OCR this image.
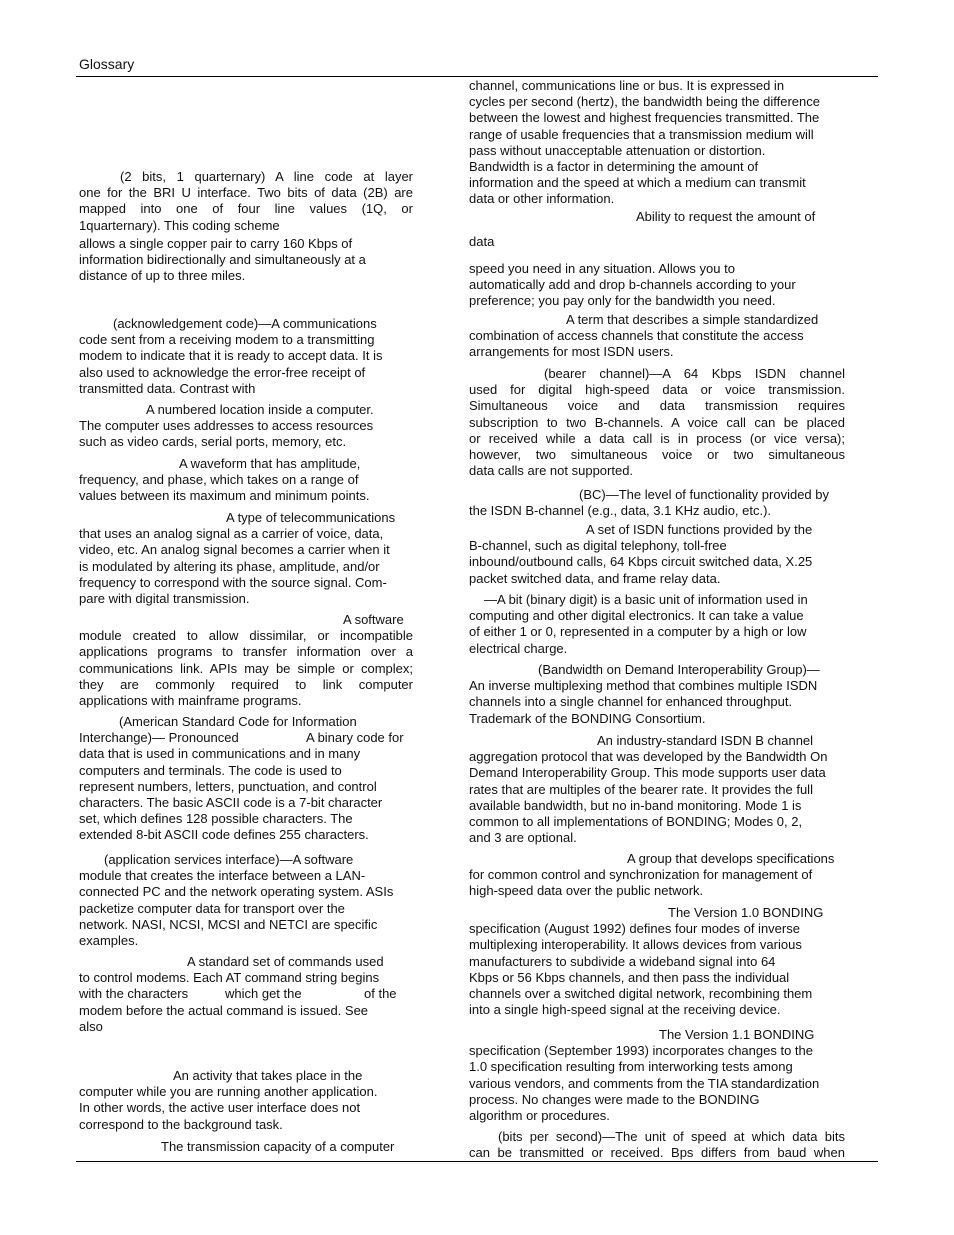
Glossary

(2 bits, 1 quarternary) A line code at layer

one for the BRI U interface. Two bits of data (2B) are

mapped into one of four line values (1Q, or

1quarternary). This coding scheme

allows a single copper pair to carry 160 Kbps of

information bidirectionally and simultaneously at a

distance of up to three miles.

(acknowledgement code)—A communications

code sent from a receiving modem to a transmitting

modem to indicate that it is ready to accept data. It is

also used to acknowledge the error-free receipt of

transmitted data. Contrast with

A numbered location inside a computer.

The computer uses addresses to access resources

such as video cards, serial ports, memory, etc.

A waveform that has amplitude,

frequency, and phase, which takes on a range of

values between its maximum and minimum points.

A type of telecommunications

that uses an analog signal as a carrier of voice, data,

video, etc. An analog signal becomes a carrier when it

is modulated by altering its phase, amplitude, and/or

frequency to correspond with the source signal. Com-

pare with digital transmission.

A software

module created to allow dissimilar, or incompatible

applications programs to transfer information over a

communications link. APIs may be simple or complex;

they are commonly required to link computer

applications with mainframe programs.

(American Standard Code for Information

Interchange)— Pronounced	A binary code for

data that is used in communications and in many

computers and terminals. The code is used to

represent numbers, letters, punctuation, and control

characters. The basic ASCII code is a 7-bit character

set, which defines 128 possible characters. The

extended 8-bit ASCII code defines 255 characters.

(application services interface)—A software

module that creates the interface between a LAN-

connected PC and the network operating system. ASIs

packetize computer data for transport over the

network. NASI, NCSI, MCSI and NETCI are specific

examples.

A standard set of commands used

to control modems. Each AT command string begins

with the characters	which get the	of the

modem before the actual command is issued. See

also

An activity that takes place in the

computer while you are running another application.

In other words, the active user interface does not

correspond to the background task.

The transmission capacity of a computer

channel, communications line or bus. It is expressed in

cycles per second (hertz), the bandwidth being the difference

between the lowest and highest frequencies transmitted. The

range of usable frequencies that a transmission medium will

pass without unacceptable attenuation or distortion.

Bandwidth is a factor in determining the amount of

information and the speed at which a medium can transmit

data or other information.

Ability to request the amount of

data

speed you need in any situation. Allows you to

automatically add and drop b-channels according to your

preference; you pay only for the bandwidth you need.

A term that describes a simple standardized

combination of access channels that constitute the access

arrangements for most ISDN users.

(bearer channel)—A 64 Kbps ISDN channel

used for digital high-speed data or voice transmission.

Simultaneous voice and data transmission requires

subscription to two B-channels. A voice call can be placed

or received while a data call is in process (or vice versa);

however, two simultaneous voice or two simultaneous

data calls are not supported.

(BC)—The level of functionality provided by

the ISDN B-channel (e.g., data, 3.1 KHz audio, etc.).

A set of ISDN functions provided by the

B-channel, such as digital telephony, toll-free

inbound/outbound calls, 64 Kbps circuit switched data, X.25

packet switched data, and frame relay data.

—A bit (binary digit) is a basic unit of information used in

computing and other digital electronics. It can take a value

of either 1 or 0, represented in a computer by a high or low

electrical charge.

(Bandwidth on Demand Interoperability Group)—

An inverse multiplexing method that combines multiple ISDN

channels into a single channel for enhanced throughput.

Trademark of the BONDING Consortium.

An industry-standard ISDN B channel

aggregation protocol that was developed by the Bandwidth On

Demand Interoperability Group. This mode supports user data

rates that are multiples of the bearer rate. It provides the full

available bandwidth, but no in-band monitoring. Mode 1 is

common to all implementations of BONDING; Modes 0, 2,

and 3 are optional.

A group that develops specifications

for common control and synchronization for management of

high-speed data over the public network.

The Version 1.0 BONDING

specification (August 1992) defines four modes of inverse

multiplexing interoperability. It allows devices from various

manufacturers to subdivide a wideband signal into 64

Kbps or 56 Kbps channels, and then pass the individual

channels over a switched digital network, recombining them

into a single high-speed signal at the receiving device.

The Version 1.1 BONDING

specification (September 1993) incorporates changes to the

1.0 specification resulting from interworking tests among

various vendors, and comments from the TIA standardization

process. No changes were made to the BONDING

algorithm or procedures.

(bits per second)—The unit of speed at which data bits

can be transmitted or received. Bps differs from baud when
